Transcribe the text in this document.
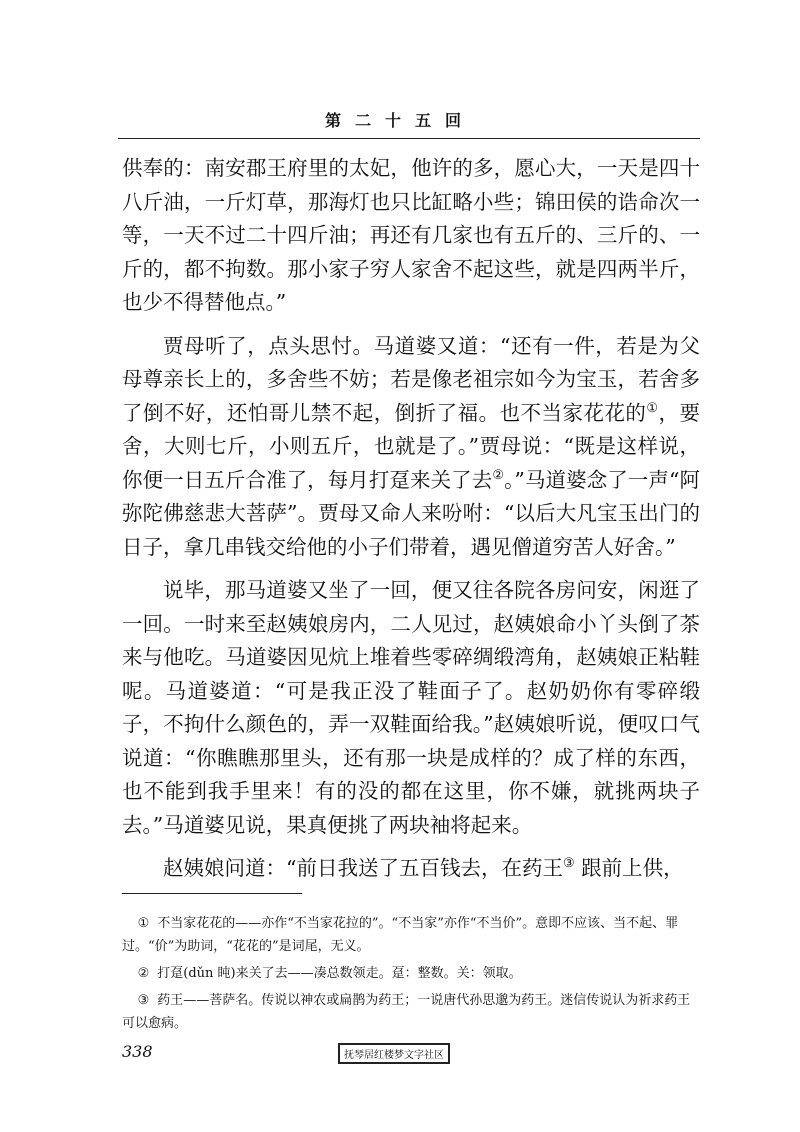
第二十五回

供奉的：南安郡王府里的太妃，他许的多，愿心大，一天是四十八斤油，一斤灯草，那海灯也只比缸略小些；锦田侯的诰命次一等，一天不过二十四斤油；再还有几家也有五斤的、三斤的、一斤的，都不拘数。那小家子穷人家舍不起这些，就是四两半斤，也少不得替他点。”

贾母听了，点头思忖。马道婆又道：“还有一件，若是为父母尊亲长上的，多舍些不妨；若是像老祖宗如今为宝玉，若舍多了倒不好，还怕哥儿禁不起，倒折了福。也不当家花花的①，要舍，大则七斤，小则五斤，也就是了。”贾母说：“既是这样说，你便一日五斤合准了，每月打趸来关了去②。”马道婆念了一声“阿弥陀佛慈悲大菩萨”。贾母又命人来吩咐：“以后大凡宝玉出门的日子，拿几串钱交给他的小子们带着，遇见僧道穷苦人好舍。”

说毕，那马道婆又坐了一回，便又往各院各房问安，闲逛了一回。一时来至赵姨娘房内，二人见过，赵姨娘命小丫头倒了茶来与他吃。马道婆因见炕上堆着些零碎绸缎湾角，赵姨娘正粘鞋呢。马道婆道：“可是我正没了鞋面子了。赵奶奶你有零碎缎子，不拘什么颜色的，弄一双鞋面给我。”赵姨娘听说，便叹口气说道：“你瞧瞧那里头，还有那一块是成样的？成了样的东西，也不能到我手里来！有的没的都在这里，你不嫌，就挑两块子去。”马道婆见说，果真便挑了两块袖将起来。

赵姨娘问道：“前日我送了五百钱去，在药王③ 跟前上供，

① 不当家花花的——亦作“不当家花拉的”。“不当家”亦作“不当价”。意即不应该、当不起、罪过。“价”为助词，“花花的”是词尾，无义。
② 打趸(dǔn 盹)来关了去——凑总数领走。趸：整数。关：领取。
③ 药王——菩萨名。传说以神农或扁鹊为药王；一说唐代孙思邈为药王。迷信传说认为祈求药王可以愈病。
338	抚琴居红楼梦文字社区
